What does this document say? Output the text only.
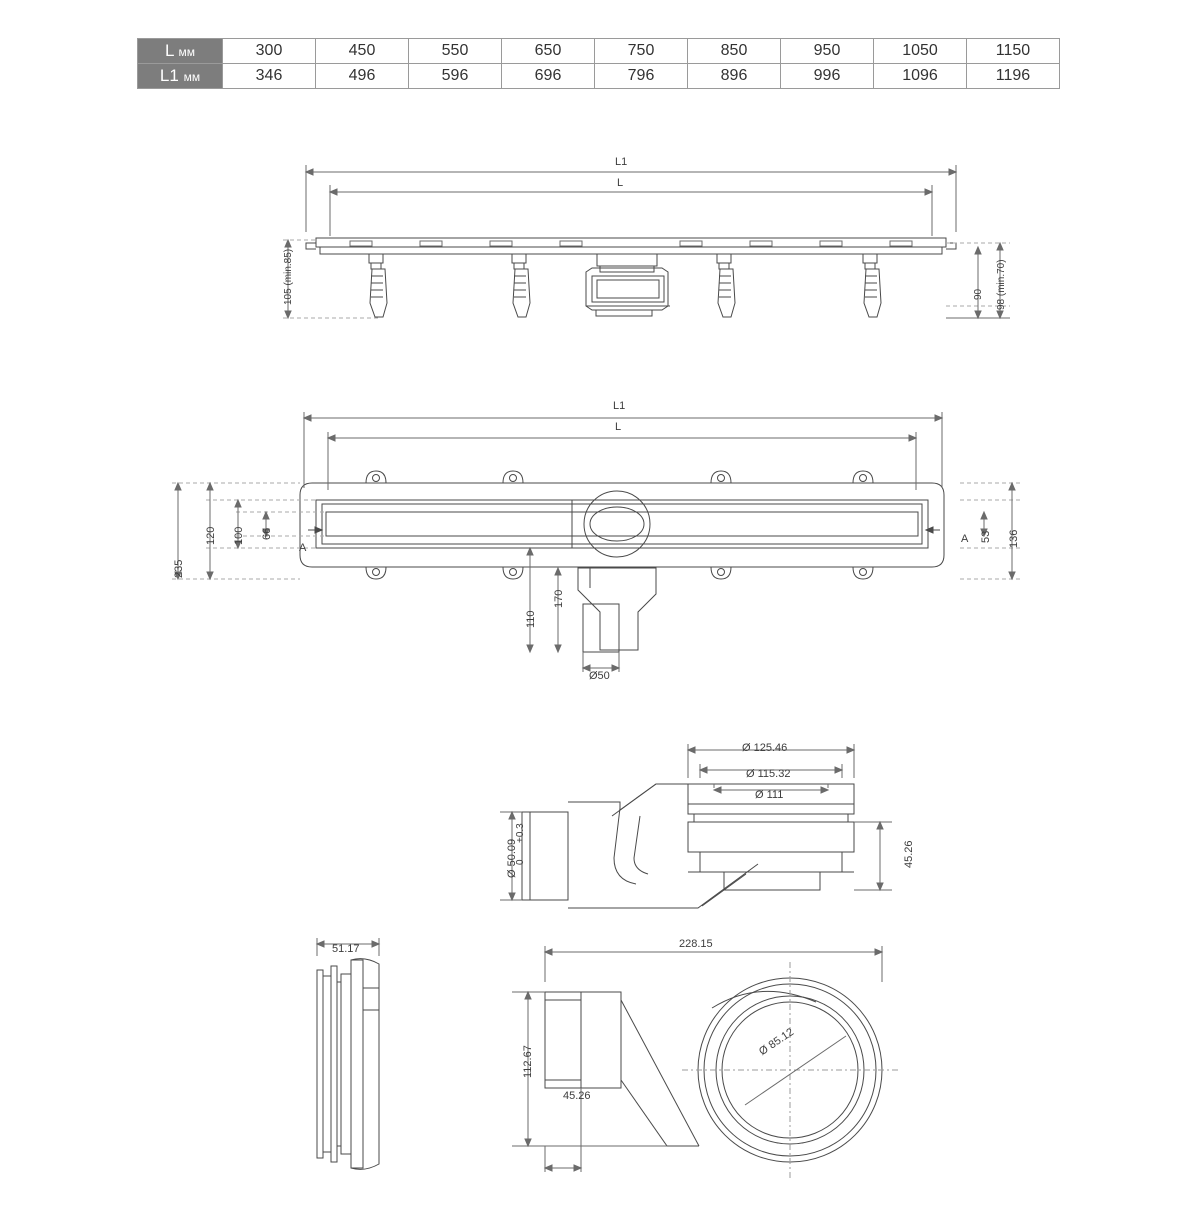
L мм	300	450	550	650	750	850	950	1050	1150
L1 мм	346	496	596	696	796	896	996	1096	1196
L1
L
105 (min.85)	90 98 (min.70)
L1
L
235
120 100 66	136
53
170
110
Ø50
A
A
Ø 125.46
Ø 115.32
Ø 111
Ø 50.09
+0.3
0	45.26
51.17	228.15
112.67
45.26
Ø 85.12
